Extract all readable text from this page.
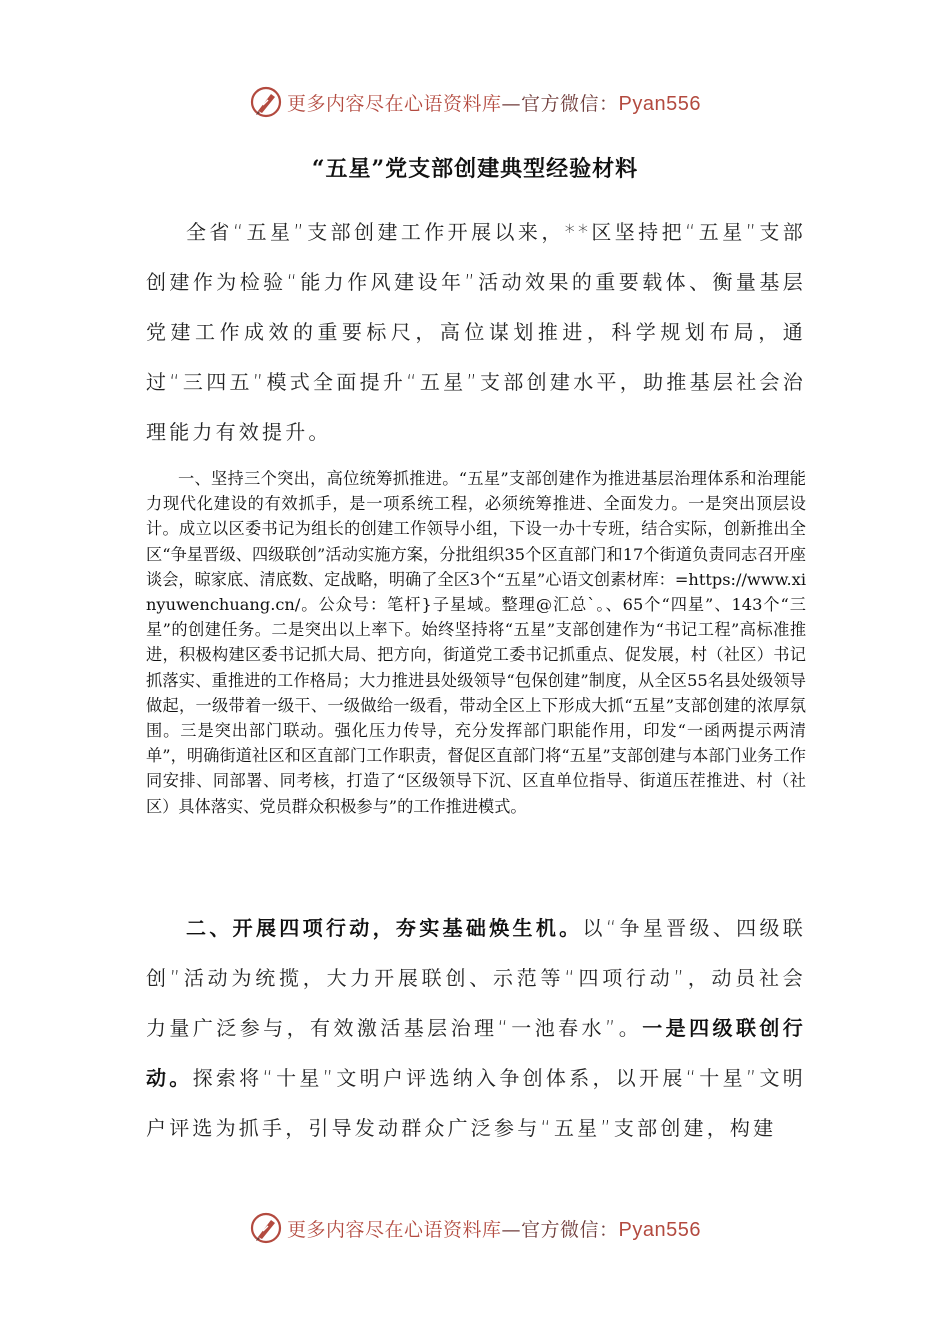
更多内容尽在心语资料库—官方微信：Pyan556
“五星”党支部创建典型经验材料

全省“五星”支部创建工作开展以来，**区坚持把“五星”支部创建作为检验“能力作风建设年”活动效果的重要载体、衡量基层党建工作成效的重要标尺，高位谋划推进，科学规划布局，通过“三四五”模式全面提升“五星”支部创建水平，助推基层社会治理能力有效提升。

一、坚持三个突出，高位统筹抓推进。“五星”支部创建作为推进基层治理体系和治理能力现代化建设的有效抓手，是一项系统工程，必须统筹推进、全面发力。一是突出顶层设计。成立以区委书记为组长的创建工作领导小组，下设一办十专班，结合实际，创新推出全区“争星晋级、四级联创”活动实施方案，分批组织35个区直部门和17个街道负责同志召开座谈会，晾家底、清底数、定战略，明确了全区3个“五星”心语文创素材库：=https://www.xinyuwenchuang.cn/。公众号：笔杆}子星域。整理@汇总`。、65个“四星”、143个“三星”的创建任务。二是突出以上率下。始终坚持将“五星”支部创建作为“书记工程”高标准推进，积极构建区委书记抓大局、把方向，街道党工委书记抓重点、促发展，村（社区）书记抓落实、重推进的工作格局；大力推进县处级领导“包保创建”制度，从全区55名县处级领导做起，一级带着一级干、一级做给一级看，带动全区上下形成大抓“五星”支部创建的浓厚氛围。三是突出部门联动。强化压力传导，充分发挥部门职能作用，印发“一函两提示两清单”，明确街道社区和区直部门工作职责，督促区直部门将“五星”支部创建与本部门业务工作同安排、同部署、同考核，打造了“区级领导下沉、区直单位指导、街道压茬推进、村（社区）具体落实、党员群众积极参与”的工作推进模式。

二、开展四项行动，夯实基础焕生机。以“争星晋级、四级联创”活动为统揽，大力开展联创、示范等“四项行动”，动员社会力量广泛参与，有效激活基层治理“一池春水”。一是四级联创行动。探索将“十星”文明户评选纳入争创体系，以开展“十星”文明户评选为抓手，引导发动群众广泛参与“五星”支部创建，构建

更多内容尽在心语资料库—官方微信：Pyan556
